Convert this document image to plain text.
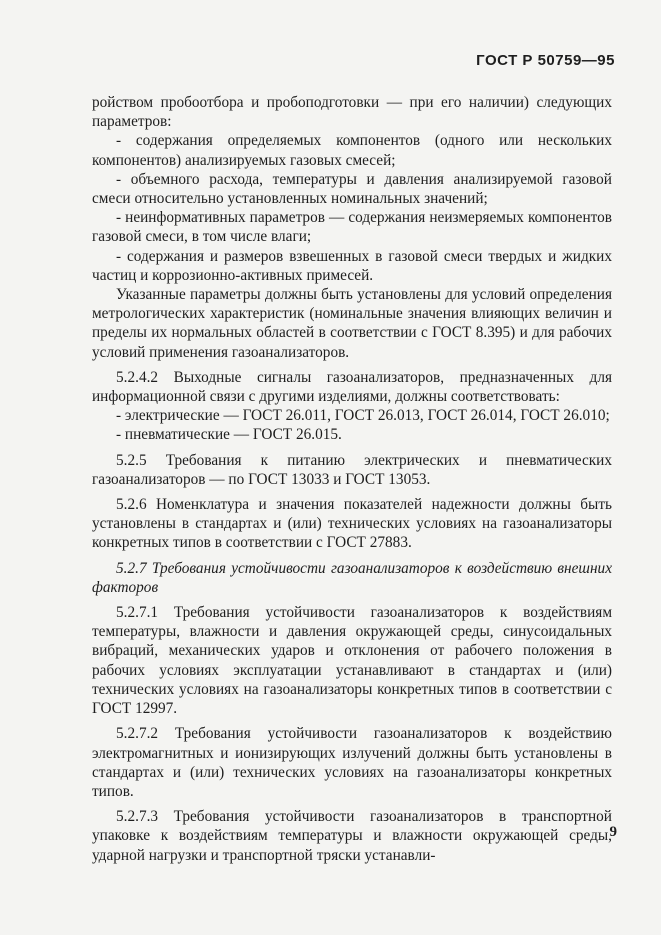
ГОСТ Р 50759—95

ройством пробоотбора и пробоподготовки — при его наличии) следующих параметров:

- содержания определяемых компонентов (одного или нескольких компонентов) анализируемых газовых смесей;

- объемного расхода, температуры и давления анализируемой газовой смеси относительно установленных номинальных значений;

- неинформативных параметров — содержания неизмеряемых компонентов газовой смеси, в том числе влаги;

- содержания и размеров взвешенных в газовой смеси твердых и жидких частиц и коррозионно-активных примесей.

Указанные параметры должны быть установлены для условий определения метрологических характеристик (номинальные значения влияющих величин и пределы их нормальных областей в соответствии с ГОСТ 8.395) и для рабочих условий применения газоанализаторов.

5.2.4.2 Выходные сигналы газоанализаторов, предназначенных для информационной связи с другими изделиями, должны соответствовать:

- электрические — ГОСТ 26.011, ГОСТ 26.013, ГОСТ 26.014, ГОСТ 26.010;

- пневматические — ГОСТ 26.015.

5.2.5 Требования к питанию электрических и пневматических газоанализаторов — по ГОСТ 13033 и ГОСТ 13053.

5.2.6 Номенклатура и значения показателей надежности должны быть установлены в стандартах и (или) технических условиях на газоанализаторы конкретных типов в соответствии с ГОСТ 27883.

5.2.7 Требования устойчивости газоанализаторов к воздействию внешних факторов

5.2.7.1 Требования устойчивости газоанализаторов к воздействиям температуры, влажности и давления окружающей среды, синусоидальных вибраций, механических ударов и отклонения от рабочего положения в рабочих условиях эксплуатации устанавливают в стандартах и (или) технических условиях на газоанализаторы конкретных типов в соответствии с ГОСТ 12997.

5.2.7.2 Требования устойчивости газоанализаторов к воздействию электромагнитных и ионизирующих излучений должны быть установлены в стандартах и (или) технических условиях на газоанализаторы конкретных типов.

5.2.7.3 Требования устойчивости газоанализаторов в транспортной упаковке к воздействиям температуры и влажности окружающей среды, ударной нагрузки и транспортной тряски устанавли-

9
